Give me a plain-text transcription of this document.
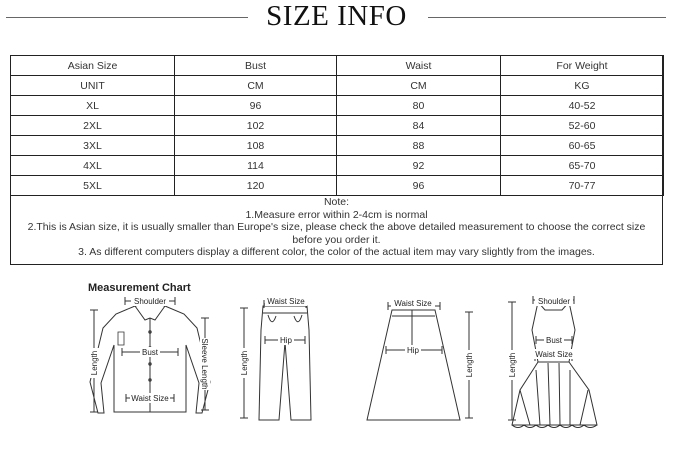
SIZE INFO
Asian Size	Bust	Waist	For Weight
UNIT	CM	CM	KG
XL	96	80	40-52
2XL	102	84	52-60
3XL	108	88	60-65
4XL	114	92	65-70
5XL	120	96	70-77
Note:
1.Measure error within 2-4cm is normal
2.This is Asian size, it is usually smaller than Europe's size, please check the above detailed measurement to choose the correct size
before you order it.
3. As different computers display a different color, the color of the actual item may vary slightly from the images.
Measurement Chart
Shoulder
Bust
Waist Size
Length	Sleeve Length
Waist Size
Hip
Length
Waist Size
Hip
Length
Shoulder
Bust
Waist Size
Length
